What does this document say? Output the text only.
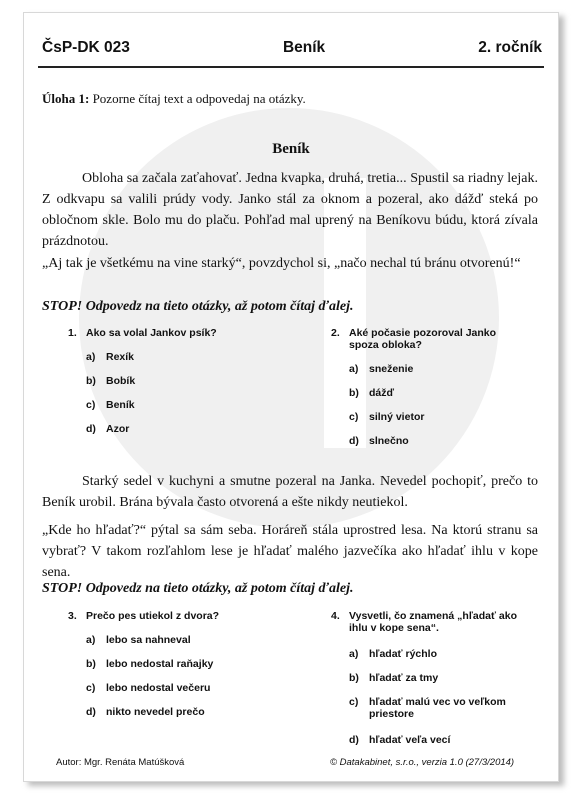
ČsP-DK 023	Beník	2. ročník
Úloha 1: Pozorne čítaj text a odpovedaj na otázky.
Beník
Obloha sa začala zaťahovať. Jedna kvapka, druhá, tretia... Spustil sa riadny lejak. Z odkvapu sa valili prúdy vody. Janko stál za oknom a pozeral, ako dážď steká po obločnom skle. Bolo mu do plaču. Pohľad mal uprený na Beníkovu búdu, ktorá zívala prázdnotou.
„Aj tak je všetkému na vine starký“, povzdychol si, „načo nechal tú bránu otvorenú!“
STOP! Odpovedz na tieto otázky, až potom čítaj ďalej.
1. Ako sa volal Jankov psík?
a)	Rexík
b) Bobík
c)	Beník
d) Azor
2. Aké počasie pozoroval Janko spoza obloka?
a)	sneženie
b) dážď
c)	silný vietor
d) slnečno
Starký sedel v kuchyni a smutne pozeral na Janka. Nevedel pochopiť, prečo to Beník urobil. Brána bývala často otvorená a ešte nikdy neutiekol.
„Kde ho hľadať?“ pýtal sa sám seba. Horáreň stála uprostred lesa. Na ktorú stranu sa vybrať? V takom rozľahlom lese je hľadať malého jazvečíka ako hľadať ihlu v kope sena.
STOP! Odpovedz na tieto otázky, až potom čítaj ďalej.
3. Prečo pes utiekol z dvora?
a)	lebo sa nahneval
b) lebo nedostal raňajky
c)	lebo nedostal večeru
d) nikto nevedel prečo
4. Vysvetli, čo znamená „hľadať ako ihlu v kope sena“.
a)	hľadať rýchlo
b) hľadať za tmy
c)	hľadať malú vec vo veľkom priestore
d) hľadať veľa vecí
Autor: Mgr. Renáta Matúšková	© Datakabinet, s.r.o., verzia 1.0 (27/3/2014)
